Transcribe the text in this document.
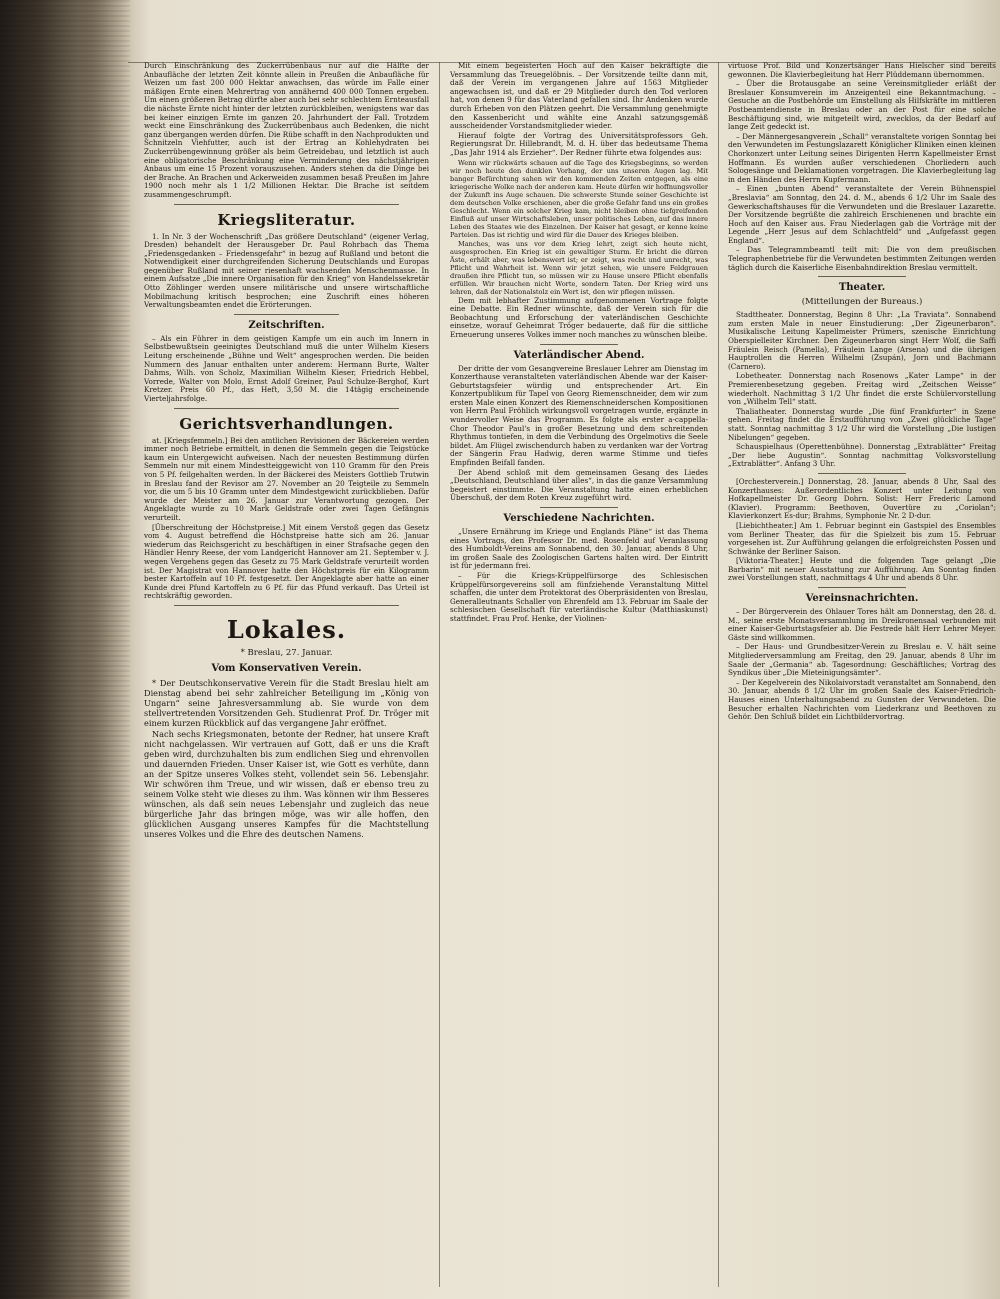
Durch Einschränkung des Zuckerrübenbaus nur auf die Hälfte der Anbaufläche der letzten Zeit könnte allein in Preußen die Anbaufläche für Weizen um fast 200 000 Hektar anwachsen, das würde im Falle einer mäßigen Ernte einen Mehrertrag von annähernd 400 000 Tonnen ergeben. Um einen größeren Betrag dürfte aber auch bei sehr schlechtem Ernteausfall die nächste Ernte nicht hinter der letzten zurückbleiben, wenigstens war das bei keiner einzigen Ernte im ganzen 20. Jahrhundert der Fall. Trotzdem weckt eine Einschränkung des Zuckerrübenbaus auch Bedenken, die nicht ganz übergangen werden dürfen. Die Rübe schafft in den Nachprodukten und Schnitzeln Viehfutter, auch ist der Ertrag an Kohlehydraten bei Zuckerrübengewinnung größer als beim Getreidebau, und letztlich ist auch eine obligatorische Beschränkung eine Verminderung des nächstjährigen Anbaus um eine 15 Prozent vorauszusehen. Anders stehen da die Dinge bei der Brache. An Brachen und Ackerweiden zusammen besaß Preußen im Jahre 1900 noch mehr als 1 1/2 Millionen Hektar. Die Brache ist seitdem zusammengeschrumpft.

Kriegsliteratur.

1. In Nr. 3 der Wochenschrift „Das größere Deutschland“ (eigener Verlag, Dresden) behandelt der Herausgeber Dr. Paul Rohrbach das Thema „Friedensgedanken – Friedensgefahr“ in bezug auf Rußland und betont die Notwendigkeit einer durchgreifenden Sicherung Deutschlands und Europas gegenüber Rußland mit seiner riesenhaft wachsenden Menschenmasse. In einem Aufsatze „Die innere Organisation für den Krieg“ von Handelssekretär Otto Zöhlinger werden unsere militärische und unsere wirtschaftliche Mobilmachung kritisch besprochen; eine Zuschrift eines höheren Verwaltungsbeamten endet die Erörterungen.

Zeitschriften.

– Als ein Führer in dem geistigen Kampfe um ein auch im Innern in Selbstbewußtsein geeinigtes Deutschland muß die unter Wilhelm Kiesers Leitung erscheinende „Bühne und Welt“ angesprochen werden. Die beiden Nummern des Januar enthalten unter anderem: Hermann Burte, Walter Dahms, Wilh. von Scholz, Maximilian Wilhelm Kieser, Friedrich Hebbel, Vorrede, Walter von Molo, Ernst Adolf Greiner, Paul Schulze-Berghof, Kurt Kretzer. Preis 60 Pf., das Heft, 3,50 M. die 14tägig erscheinende Vierteljahrsfolge.

Gerichtsverhandlungen.

at. [Kriegsfemmeln.] Bei den amtlichen Revisionen der Bäckereien werden immer noch Betriebe ermittelt, in denen die Semmeln gegen die Teigstücke kaum ein Untergewicht aufweisen. Nach der neuesten Bestimmung dürfen Semmeln nur mit einem Mindestteiggewicht von 110 Gramm für den Preis von 5 Pf. feilgehalten werden. In der Bäckerei des Meisters Gottlieb Trutwin in Breslau fand der Revisor am 27. November an 20 Teigteile zu Semmeln vor, die um 5 bis 10 Gramm unter dem Mindestgewicht zurückblieben. Dafür wurde der Meister am 26. Januar zur Verantwortung gezogen. Der Angeklagte wurde zu 10 Mark Geldstrafe oder zwei Tagen Gefängnis verurteilt.

[Überschreitung der Höchstpreise.] Mit einem Verstoß gegen das Gesetz vom 4. August betreffend die Höchstpreise hatte sich am 26. Januar wiederum das Reichsgericht zu beschäftigen in einer Strafsache gegen den Händler Henry Reese, der vom Landgericht Hannover am 21. September v. J. wegen Vergehens gegen das Gesetz zu 75 Mark Geldstrafe verurteilt worden ist. Der Magistrat von Hannover hatte den Höchstpreis für ein Kilogramm bester Kartoffeln auf 10 Pf. festgesetzt. Der Angeklagte aber hatte an einer Kunde drei Pfund Kartoffeln zu 6 Pf. für das Pfund verkauft. Das Urteil ist rechtskräftig geworden.

Lokales.
* Breslau, 27. Januar.
Vom Konservativen Verein.

* Der Deutschkonservative Verein für die Stadt Breslau hielt am Dienstag abend bei sehr zahlreicher Beteiligung im „König von Ungarn“ seine Jahresversammlung ab. Sie wurde von dem stellvertretenden Vorsitzenden Geh. Studienrat Prof. Dr. Tröger mit einem kurzen Rückblick auf das vergangene Jahr eröffnet.

Nach sechs Kriegsmonaten, betonte der Redner, hat unsere Kraft nicht nachgelassen. Wir vertrauen auf Gott, daß er uns die Kraft geben wird, durchzuhalten bis zum endlichen Sieg und ehrenvollen und dauernden Frieden. Unser Kaiser ist, wie Gott es verhüte, dann an der Spitze unseres Volkes steht, vollendet sein 56. Lebensjahr. Wir schwören ihm Treue, und wir wissen, daß er ebenso treu zu seinem Volke steht wie dieses zu ihm. Was können wir ihm Besseres wünschen, als daß sein neues Lebensjahr und zugleich das neue bürgerliche Jahr das bringen möge, was wir alle hoffen, den glücklichen Ausgang unseres Kampfes für die Machtstellung unseres Volkes und die Ehre des deutschen Namens.

Mit einem begeisterten Hoch auf den Kaiser bekräftigte die Versammlung das Treuegelöbnis. – Der Vorsitzende teilte dann mit, daß der Verein im vergangenen Jahre auf 1563 Mitglieder angewachsen ist, und daß er 29 Mitglieder durch den Tod verloren hat, von denen 9 für das Vaterland gefallen sind. Ihr Andenken wurde durch Erheben von den Plätzen geehrt. Die Versammlung genehmigte den Kassenbericht und wählte eine Anzahl satzungsgemäß ausscheidender Vorstandsmitglieder wieder.

Hierauf folgte der Vortrag des Universitätsprofessors Geh. Regierungsrat Dr. Hillebrandt, M. d. H. über das bedeutsame Thema „Das Jahr 1914 als Erzieher“. Der Redner führte etwa folgendes aus:

Wenn wir rückwärts schauen auf die Tage des Kriegsbeginns, so werden wir noch heute den dunklen Vorhang, der uns unseren Augen lag. Mit banger Befürchtung sahen wir den kommenden Zeiten entgegen, als eine kriegerische Wolke nach der anderen kam. Heute dürfen wir hoffnungsvoller der Zukunft ins Auge schauen. Die schwerste Stunde seiner Geschichte ist dem deutschen Volke erschienen, aber die große Gefahr fand uns ein großes Geschlecht. Wenn ein solcher Krieg kam, nicht bleiben ohne tiefgreifenden Einfluß auf unser Wirtschaftsleben, unser politisches Leben, auf das innere Leben des Staates wie des Einzelnen. Der Kaiser hat gesagt, er kenne keine Parteien. Das ist richtig und wird für die Dauer des Krieges bleiben.

Manches, was uns vor dem Krieg lehrt, zeigt sich heute nicht, ausgesprochen. Ein Krieg ist ein gewaltiger Sturm. Er bricht die dürren Äste, erhält aber, was lebenswert ist; er zeigt, was recht und unrecht, was Pflicht und Wahrheit ist. Wenn wir jetzt sehen, wie unsere Feldgrauen draußen ihre Pflicht tun, so müssen wir zu Hause unsere Pflicht ebenfalls erfüllen. Wir brauchen nicht Worte, sondern Taten. Der Krieg wird uns lehren, daß der Nationalstolz ein Wert ist, den wir pflegen müssen.

Dem mit lebhafter Zustimmung aufgenommenen Vortrage folgte eine Debatte. Ein Redner wünschte, daß der Verein sich für die Beobachtung und Erforschung der vaterländischen Geschichte einsetze, worauf Geheimrat Tröger bedauerte, daß für die sittliche Erneuerung unseres Volkes immer noch manches zu wünschen bleibe.

Vaterländischer Abend.

Der dritte der vom Gesangvereine Breslauer Lehrer am Dienstag im Konzerthause veranstalteten vaterländischen Abende war der Kaiser-Geburtstagsfeier würdig und entsprechender Art. Ein Konzertpublikum für Tapel von Georg Riemenschneider, dem wir zum ersten Male einen Konzert des Riemenschneiderschen Kompositionen von Herrn Paul Fröhlich wirkungsvoll vorgetragen wurde, ergänzte in wundervoller Weise das Programm. Es folgte als erster a-cappella-Chor Theodor Paul's in großer Besetzung und dem schreitenden Rhythmus tontiefen, in dem die Verbindung des Orgelmotivs die Seele bildet. Am Flügel zwischendurch haben zu verdanken war der Vortrag der Sängerin Frau Hadwig, deren warme Stimme und tiefes Empfinden Beifall fanden.

Der Abend schloß mit dem gemeinsamen Gesang des Liedes „Deutschland, Deutschland über alles“, in das die ganze Versammlung begeistert einstimmte. Die Veranstaltung hatte einen erheblichen Überschuß, der dem Roten Kreuz zugeführt wird.

Verschiedene Nachrichten.

„Unsere Ernährung im Kriege und Englands Pläne“ ist das Thema eines Vortrags, den Professor Dr. med. Rosenfeld auf Veranlassung des Humboldt-Vereins am Sonnabend, den 30. Januar, abends 8 Uhr, im großen Saale des Zoologischen Gartens halten wird. Der Eintritt ist für jedermann frei.

– Für die Kriegs-Krüppelfürsorge des Schlesischen Krüppelfürsorgevereins soll am fünfziehende Veranstaltung Mittel schaffen, die unter dem Protektorat des Oberpräsidenten von Breslau, Generalleutnants Schaller von Ehrenfeld am 13. Februar im Saale der schlesischen Gesellschaft für vaterländische Kultur (Matthiaskunst) stattfindet. Frau Prof. Henke, der Violinen-

virtuose Prof. Bild und Konzertsänger Hans Hielscher sind bereits gewonnen. Die Klavierbegleitung hat Herr Plüddemann übernommen.

– Über die Brotausgabe an seine Vereinsmitglieder erläßt der Breslauer Konsumverein im Anzeigenteil eine Bekanntmachung. – Gesuche an die Postbehörde um Einstellung als Hilfskräfte im mittleren Postbeamtendienste in Breslau oder an der Post für eine solche Beschäftigung sind, wie mitgeteilt wird, zwecklos, da der Bedarf auf lange Zeit gedeckt ist.

– Der Männergesangverein „Schall“ veranstaltete vorigen Sonntag bei den Verwundeten im Festungslazarett Königlicher Kliniken einen kleinen Chorkonzert unter Leitung seines Dirigenten Herrn Kapellmeister Ernst Hoffmann. Es wurden außer verschiedenen Chorliedern auch Sologesänge und Deklamationen vorgetragen. Die Klavierbegleitung lag in den Händen des Herrn Kupfermann.

– Einen „bunten Abend“ veranstaltete der Verein Bühnenspiel „Breslavia“ am Sonntag, den 24. d. M., abends 6 1/2 Uhr im Saale des Gewerkschaftshauses für die Verwundeten und die Breslauer Lazarette. Der Vorsitzende begrüßte die zahlreich Erschienenen und brachte ein Hoch auf den Kaiser aus. Frau Niederlagen gab die Vorträge mit der Legende „Herr Jesus auf dem Schlachtfeld“ und „Aufgefasst gegen England“.

– Das Telegrammbeamtl teilt mit: Die von dem preußischen Telegraphenbetriebe für die Verwundeten bestimmten Zeitungen werden täglich durch die Kaiserliche Eisenbahndirektion Breslau vermittelt.

Theater.
(Mitteilungen der Bureaus.)

Stadttheater. Donnerstag, Beginn 8 Uhr: „La Traviata“. Sonnabend zum ersten Male in neuer Einstudierung: „Der Zigeunerbaron“. Musikalische Leitung Kapellmeister Prümers, szenische Einrichtung Oberspielleiter Kirchner. Den Zigeunerbaron singt Herr Wolf, die Saffi Fräulein Reisch (Pamella), Fräulein Lange (Arsena) und die übrigen Hauptrollen die Herren Wilhelmi (Zsupán), Jorn und Bachmann (Carnero).

Lobetheater. Donnerstag nach Rosenows „Kater Lampe“ in der Premierenbesetzung gegeben. Freitag wird „Zeitschen Weisse“ wiederholt. Nachmittag 3 1/2 Uhr findet die erste Schülervorstellung von „Wilhelm Tell“ statt.

Thaliatheater. Donnerstag wurde „Die fünf Frankfurter“ in Szene gehen. Freitag findet die Erstaufführung von „Zwei glückliche Tage“ statt. Sonntag nachmittag 3 1/2 Uhr wird die Vorstellung „Die lustigen Nibelungen“ gegeben.

Schauspielhaus (Operettenbühne). Donnerstag „Extrablätter“ Freitag „Der liebe Augustin“. Sonntag nachmittag Volksvorstellung „Extrablätter“. Anfang 3 Uhr.

[Orchesterverein.] Donnerstag, 28. Januar, abends 8 Uhr, Saal des Konzerthauses: Außerordentliches Konzert unter Leitung von Hofkapellmeister Dr. Georg Dohrn. Solist: Herr Frederic Lamond (Klavier). Programm: Beethoven, Ouvertüre zu „Coriolan“; Klavierkonzert Es-dur; Brahms, Symphonie Nr. 2 D-dur.

[Liebichtheater.] Am 1. Februar beginnt ein Gastspiel des Ensembles vom Berliner Theater, das für die Spielzeit bis zum 15. Februar vorgesehen ist. Zur Aufführung gelangen die erfolgreichsten Possen und Schwänke der Berliner Saison.

[Viktoria-Theater.] Heute und die folgenden Tage gelangt „Die Barbarin“ mit neuer Ausstattung zur Aufführung. Am Sonntag finden zwei Vorstellungen statt, nachmittags 4 Uhr und abends 8 Uhr.

Vereinsnachrichten.

– Der Bürgerverein des Ohlauer Tores hält am Donnerstag, den 28. d. M., seine erste Monatsversammlung im Dreikronensaal verbunden mit einer Kaiser-Geburtstagsfeier ab. Die Festrede hält Herr Lehrer Meyer. Gäste sind willkommen.

– Der Haus- und Grundbesitzer-Verein zu Breslau e. V. hält seine Mitgliederversammlung am Freitag, den 29. Januar, abends 8 Uhr im Saale der „Germania“ ab. Tagesordnung: Geschäftliches; Vortrag des Syndikus über „Die Mieteinigungsämter“.

– Der Kegelverein des Nikolaivorstadt veranstaltet am Sonnabend, den 30. Januar, abends 8 1/2 Uhr im großen Saale des Kaiser-Friedrich-Hauses einen Unterhaltungsabend zu Gunsten der Verwundeten. Die Besucher erhalten Nachrichten vom Liederkranz und Beethoven zu Gehör. Den Schluß bildet ein Lichtbildervortrag.
